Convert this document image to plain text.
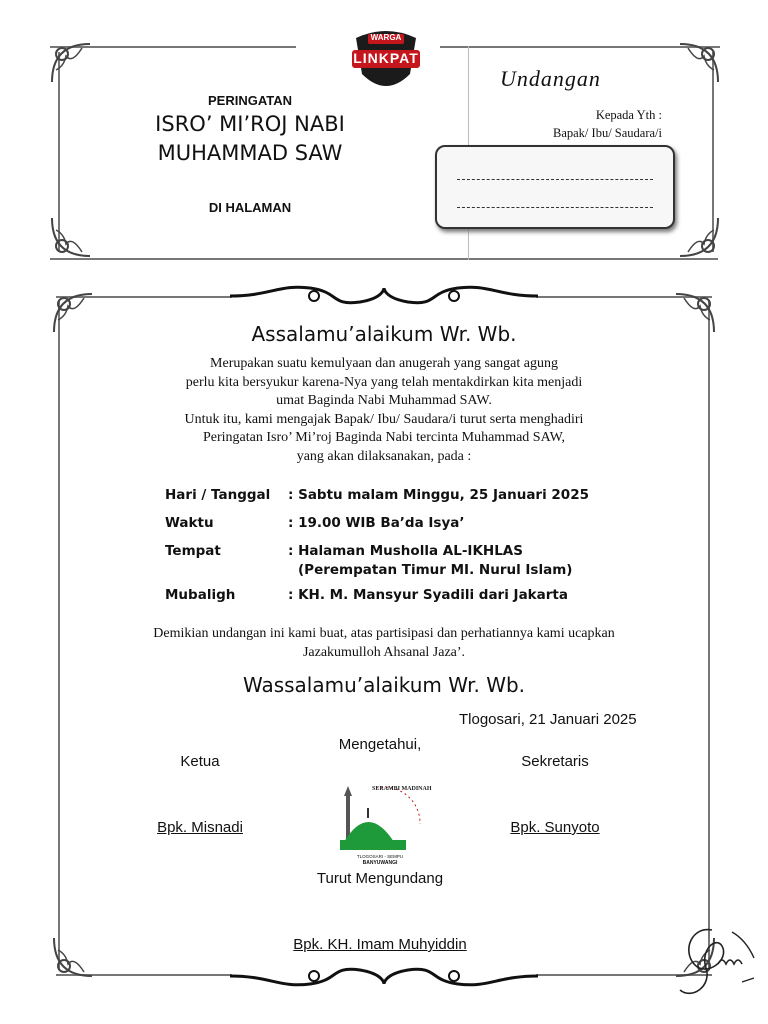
WARGA
LINKPAT
PERINGATAN
ISRO’ MI’ROJ NABI
MUHAMMAD SAW
DI HALAMAN
Undangan
Kepada Yth :
Bapak/ Ibu/ Saudara/i
Assalamu’alaikum Wr. Wb.
Merupakan suatu kemulyaan dan anugerah yang sangat agung
perlu kita bersyukur karena-Nya yang telah mentakdirkan kita menjadi
umat Baginda Nabi Muhammad SAW.
Untuk itu, kami mengajak Bapak/ Ibu/ Saudara/i turut serta menghadiri
Peringatan Isro’ Mi’roj Baginda Nabi tercinta Muhammad SAW,
yang akan dilaksanakan, pada :
Hari / Tanggal : Sabtu malam Minggu, 25 Januari 2025
Waktu	: 19.00 WIB Ba’da Isya’
Tempat	: Halaman Musholla AL-IKHLAS
(Perempatan Timur MI. Nurul Islam)
Mubaligh	: KH. M. Mansyur Syadili dari Jakarta
Demikian undangan ini kami buat, atas partisipasi dan perhatiannya kami ucapkan
Jazakumulloh Ahsanal Jaza’.
Wassalamu’alaikum Wr. Wb.
Tlogosari, 21 Januari 2025
Mengetahui,
Ketua	Sekretaris
Bpk. Misnadi	Bpk. Sunyoto
SERAMBI MADINAH
TLOGOSARI - SEMPU
BANYUWANGI
Turut Mengundang
Bpk. KH. Imam Muhyiddin
